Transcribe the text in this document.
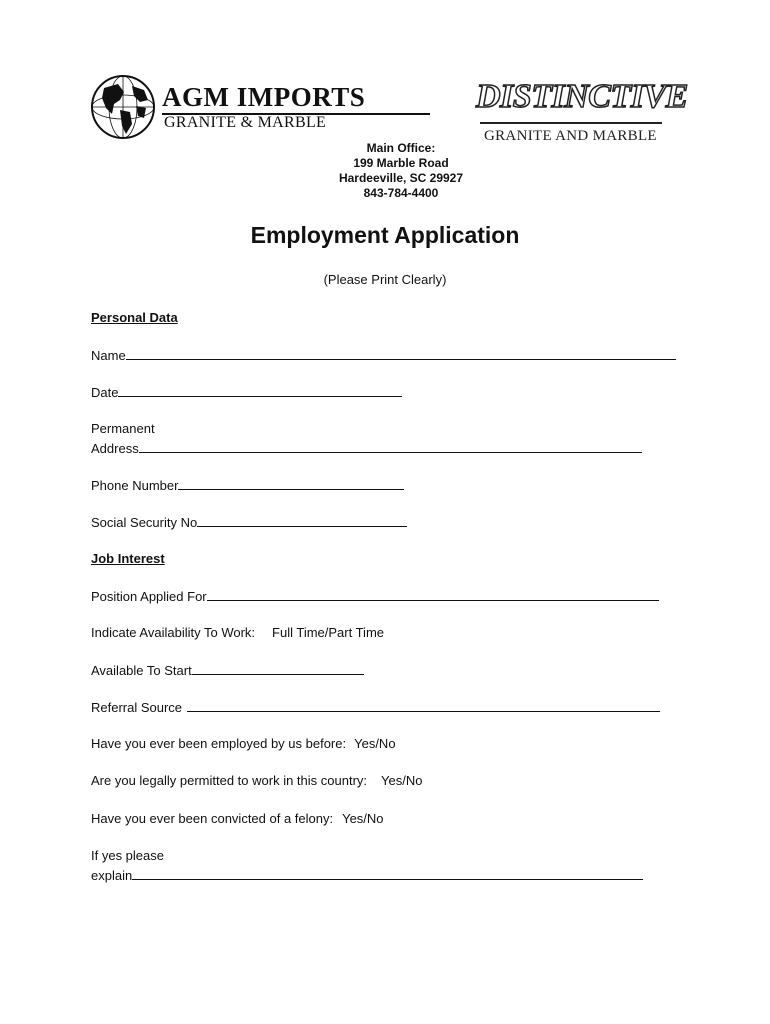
AGM IMPORTS
GRANITE & MARBLE
DISTINCTIVE
GRANITE AND MARBLE
Main Office:
199 Marble Road
Hardeeville, SC 29927
843-784-4400
Employment Application
(Please Print Clearly)
Personal Data
Name
Date
Permanent
Address
Phone Number
Social Security No
Job Interest
Position Applied For
Indicate Availability To Work: Full Time/Part Time
Available To Start
Referral Source
Have you ever been employed by us before: Yes/No
Are you legally permitted to work in this country: Yes/No
Have you ever been convicted of a felony: Yes/No
If yes please
explain
